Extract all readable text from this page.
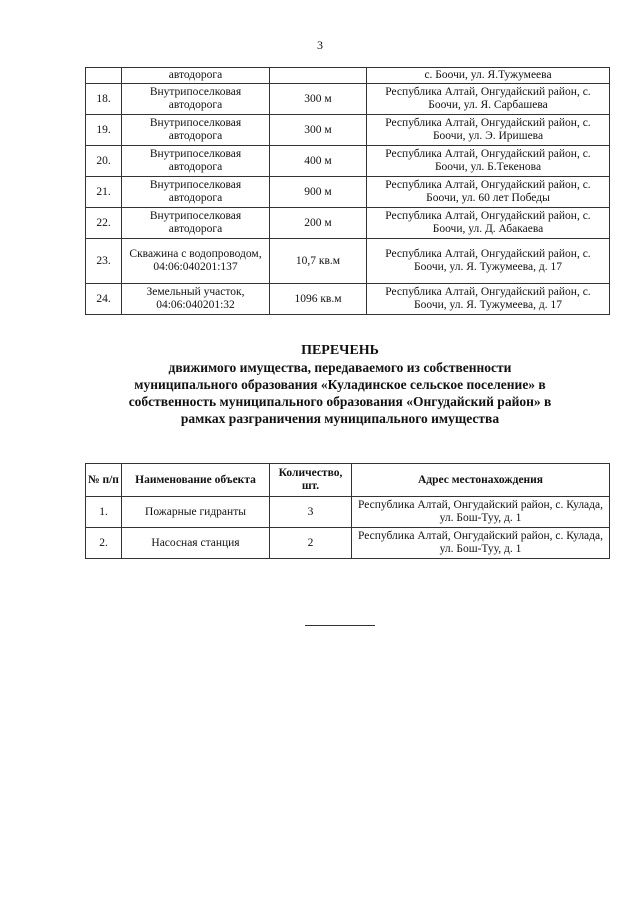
3
	автодорога		с. Боочи, ул. Я.Тужумеева
18.	Внутрипоселковая автодорога	300 м	Республика Алтай, Онгудайский район, с. Боочи, ул. Я. Сарбашева
19.	Внутрипоселковая автодорога	300 м	Республика Алтай, Онгудайский район, с. Боочи, ул. Э. Иришева
20.	Внутрипоселковая автодорога	400 м	Республика Алтай, Онгудайский район, с. Боочи, ул. Б.Текенова
21.	Внутрипоселковая автодорога	900 м	Республика Алтай, Онгудайский район, с. Боочи, ул. 60 лет Победы
22.	Внутрипоселковая автодорога	200 м	Республика Алтай, Онгудайский район, с. Боочи, ул. Д. Абакаева
23.	Скважина с водопроводом, 04:06:040201:137	10,7 кв.м	Республика Алтай, Онгудайский район, с. Боочи, ул. Я. Тужумеева, д. 17
24.	Земельный участок, 04:06:040201:32	1096 кв.м	Республика Алтай, Онгудайский район, с. Боочи, ул. Я. Тужумеева, д. 17
ПЕРЕЧЕНЬ
движимого имущества, передаваемого из собственности
муниципального образования «Куладинское сельское поселение» в
собственность муниципального образования «Онгудайский район» в
рамках разграничения муниципального имущества
№ п/п	Наименование объекта	Количество, шт.	Адрес местонахождения
1.	Пожарные гидранты	3	Республика Алтай, Онгудайский район, с. Кулада, ул. Бош-Туу, д. 1
2.	Насосная станция	2	Республика Алтай, Онгудайский район, с. Кулада, ул. Бош-Туу, д. 1
